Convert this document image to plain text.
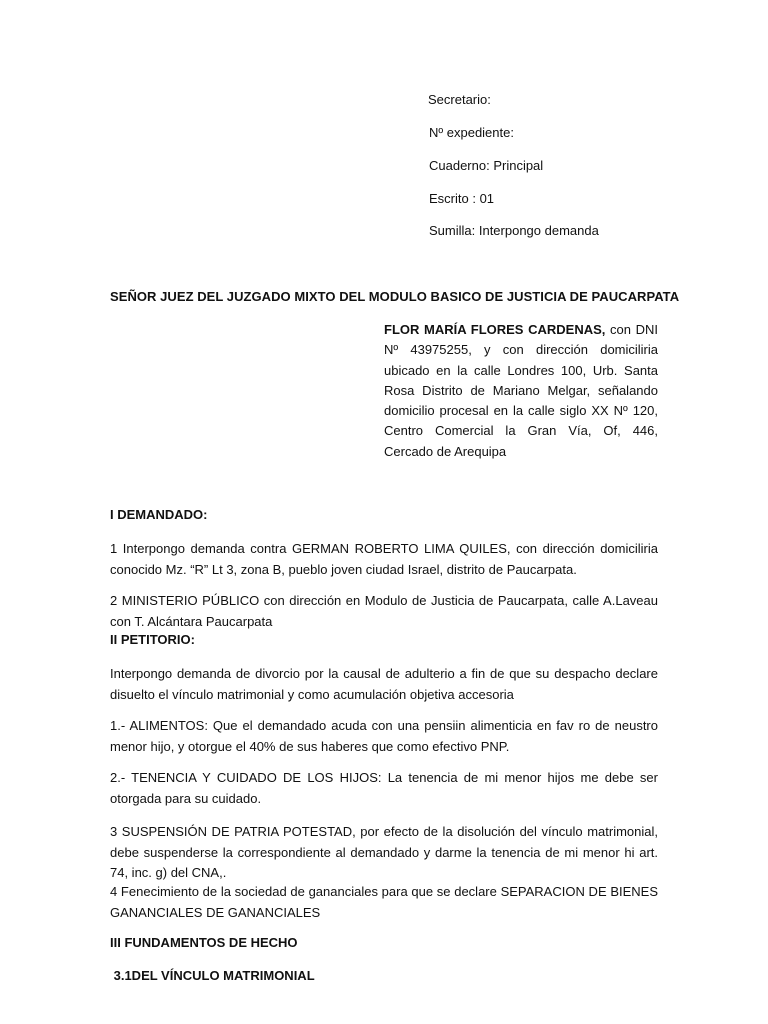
Secretario:
Nº expediente:
Cuaderno: Principal
Escrito : 01
Sumilla: Interpongo demanda
SEÑOR JUEZ DEL JUZGADO MIXTO DEL MODULO BASICO DE JUSTICIA DE PAUCARPATA
FLOR MARÍA FLORES CARDENAS, con DNI Nº 43975255, y con dirección domiciliria ubicado en la calle Londres 100, Urb. Santa Rosa Distrito de Mariano Melgar, señalando domicilio procesal en la calle siglo XX Nº 120, Centro Comercial la Gran Vía, Of, 446, Cercado de Arequipa
I DEMANDADO:
1 Interpongo demanda contra GERMAN ROBERTO LIMA QUILES, con dirección domiciliria conocido Mz. “R” Lt 3, zona B, pueblo joven ciudad Israel, distrito de Paucarpata.
2 MINISTERIO PÚBLICO con dirección en Modulo de Justicia de Paucarpata, calle A.Laveau con T. Alcántara Paucarpata
II PETITORIO:
Interpongo demanda de divorcio por la causal de adulterio a fin de que su despacho declare disuelto el vínculo matrimonial y como acumulación objetiva accesoria
1.- ALIMENTOS: Que el demandado acuda con una pensiin alimenticia en fav ro de neustro menor hijo, y otorgue el 40% de sus haberes que como efectivo PNP.
2.- TENENCIA Y CUIDADO DE LOS HIJOS: La tenencia de mi menor hijos me debe ser otorgada para su cuidado.
3 SUSPENSIÓN DE PATRIA POTESTAD, por efecto de la disolución del vínculo matrimonial, debe suspenderse la correspondiente al demandado y darme la tenencia de mi menor hi art. 74, inc. g) del CNA,.
4 Fenecimiento de la sociedad de gananciales para que se declare SEPARACION DE BIENES GANANCIALES DE GANANCIALES
III FUNDAMENTOS DE HECHO
3.1DEL VÍNCULO MATRIMONIAL
